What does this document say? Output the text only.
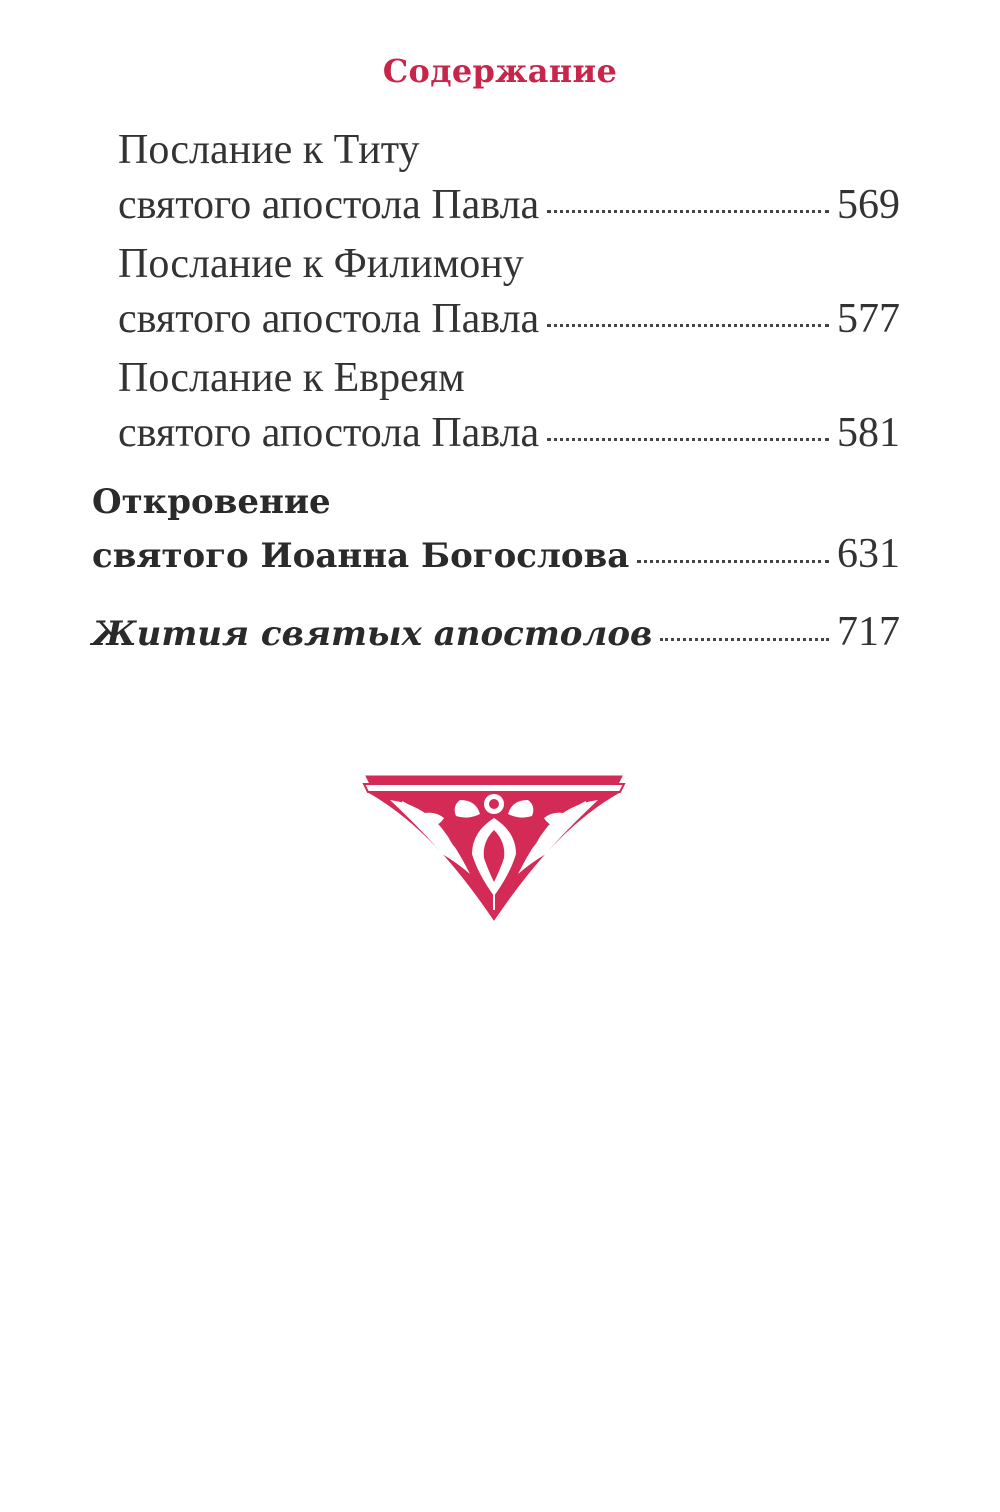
Содержание
Послание к Титу
святого апостола Павла	569
Послание к Филимону
святого апостола Павла	577
Послание к Евреям
святого апостола Павла	581
Откровение
святого Иоанна Богослова	631
Жития святых апостолов	717
